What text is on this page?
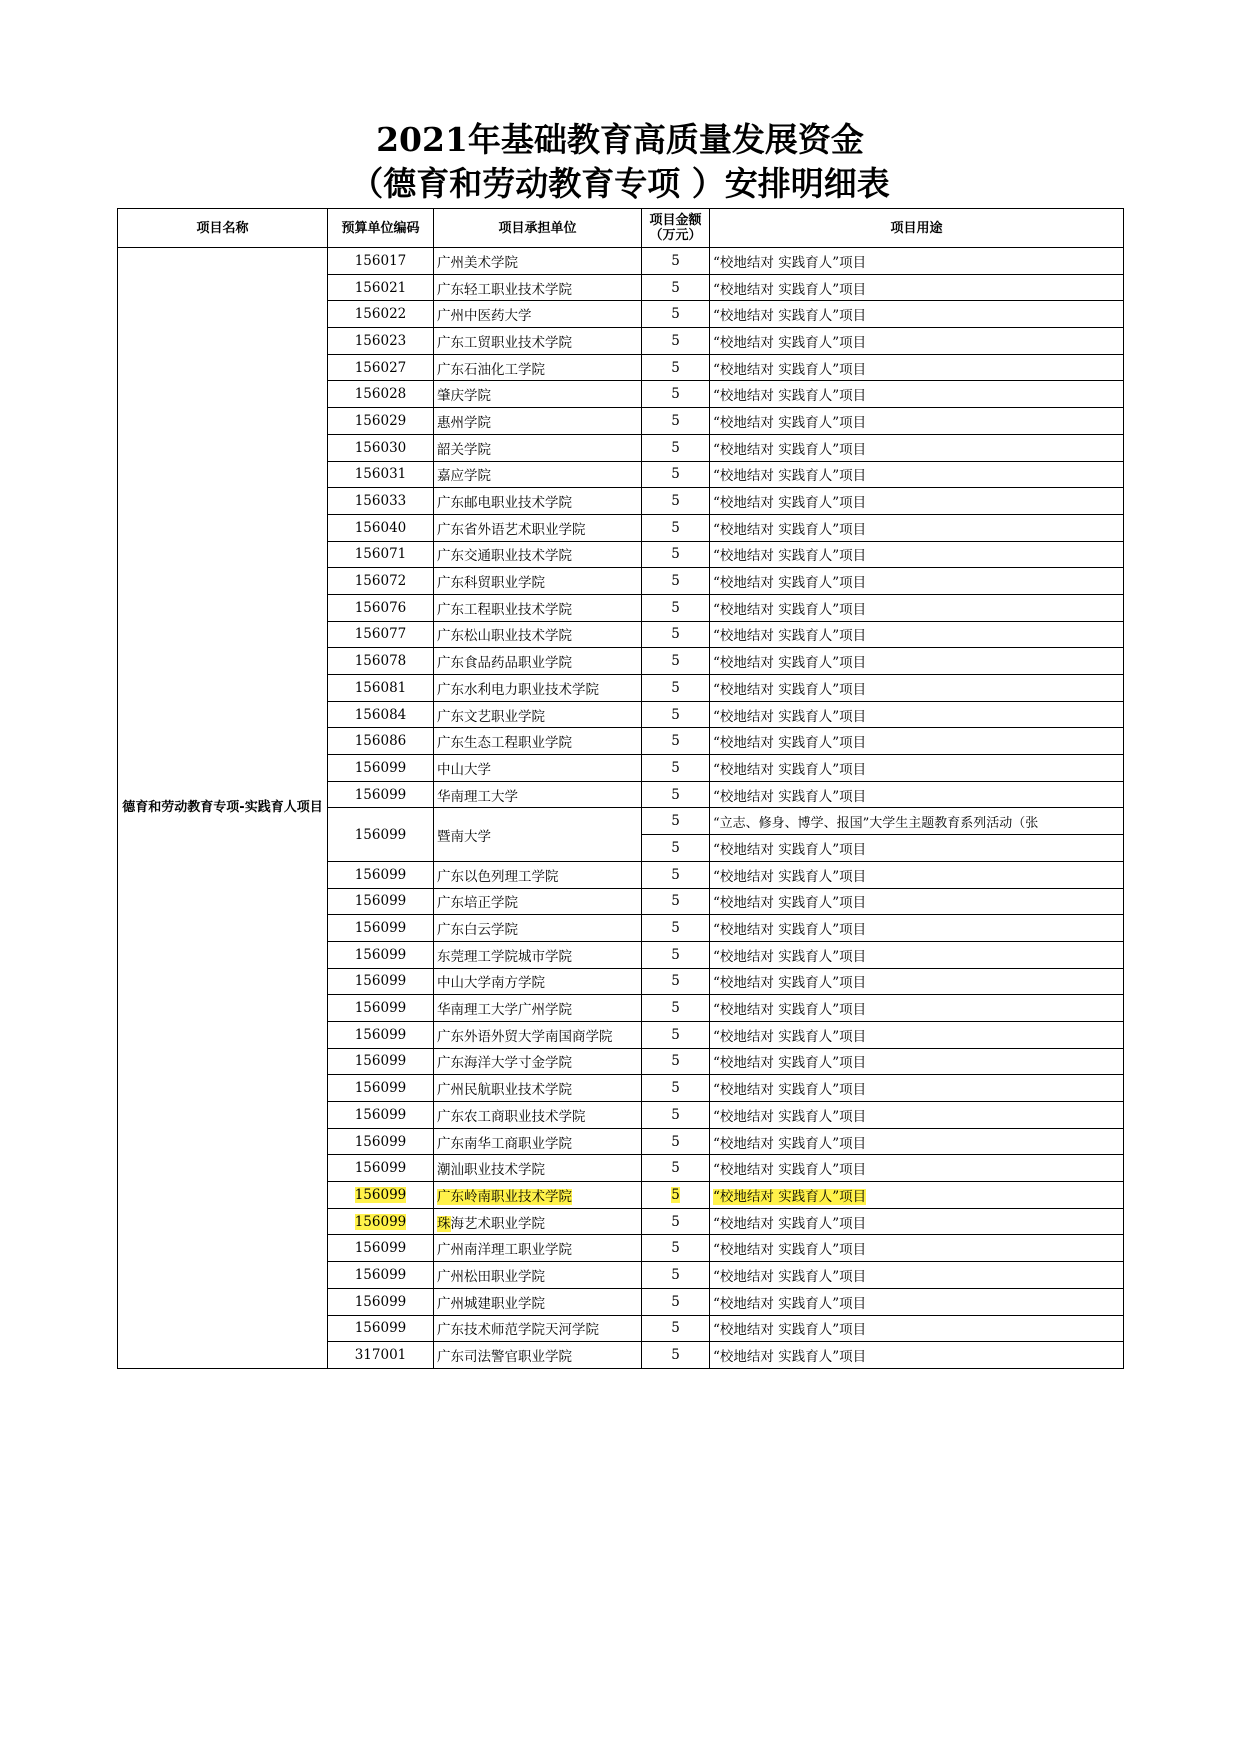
2021年基础教育高质量发展资金
（德育和劳动教育专项 ）安排明细表
项目名称	预算单位编码	项目承担单位	项目金额（万元）	项目用途
德育和劳动教育专项-实践育人项目	156017	广州美术学院	5	“校地结对 实践育人”项目
	156021	广东轻工职业技术学院	5	“校地结对 实践育人”项目
	156022	广州中医药大学	5	“校地结对 实践育人”项目
	156023	广东工贸职业技术学院	5	“校地结对 实践育人”项目
	156027	广东石油化工学院	5	“校地结对 实践育人”项目
	156028	肇庆学院	5	“校地结对 实践育人”项目
	156029	惠州学院	5	“校地结对 实践育人”项目
	156030	韶关学院	5	“校地结对 实践育人”项目
	156031	嘉应学院	5	“校地结对 实践育人”项目
	156033	广东邮电职业技术学院	5	“校地结对 实践育人”项目
	156040	广东省外语艺术职业学院	5	“校地结对 实践育人”项目
	156071	广东交通职业技术学院	5	“校地结对 实践育人”项目
	156072	广东科贸职业学院	5	“校地结对 实践育人”项目
	156076	广东工程职业技术学院	5	“校地结对 实践育人”项目
	156077	广东松山职业技术学院	5	“校地结对 实践育人”项目
	156078	广东食品药品职业学院	5	“校地结对 实践育人”项目
	156081	广东水利电力职业技术学院	5	“校地结对 实践育人”项目
	156084	广东文艺职业学院	5	“校地结对 实践育人”项目
	156086	广东生态工程职业学院	5	“校地结对 实践育人”项目
	156099	中山大学	5	“校地结对 实践育人”项目
	156099	华南理工大学	5	“校地结对 实践育人”项目
	156099	暨南大学	5	“立志、修身、博学、报国”大学生主题教育系列活动（张
			5	“校地结对 实践育人”项目
	156099	广东以色列理工学院	5	“校地结对 实践育人”项目
	156099	广东培正学院	5	“校地结对 实践育人”项目
	156099	广东白云学院	5	“校地结对 实践育人”项目
	156099	东莞理工学院城市学院	5	“校地结对 实践育人”项目
	156099	中山大学南方学院	5	“校地结对 实践育人”项目
	156099	华南理工大学广州学院	5	“校地结对 实践育人”项目
	156099	广东外语外贸大学南国商学院	5	“校地结对 实践育人”项目
	156099	广东海洋大学寸金学院	5	“校地结对 实践育人”项目
	156099	广州民航职业技术学院	5	“校地结对 实践育人”项目
	156099	广东农工商职业技术学院	5	“校地结对 实践育人”项目
	156099	广东南华工商职业学院	5	“校地结对 实践育人”项目
	156099	潮汕职业技术学院	5	“校地结对 实践育人”项目
	156099	广东岭南职业技术学院	5	“校地结对 实践育人”项目
	156099	珠海艺术职业学院	5	“校地结对 实践育人”项目
	156099	广州南洋理工职业学院	5	“校地结对 实践育人”项目
	156099	广州松田职业学院	5	“校地结对 实践育人”项目
	156099	广州城建职业学院	5	“校地结对 实践育人”项目
	156099	广东技术师范学院天河学院	5	“校地结对 实践育人”项目
	317001	广东司法警官职业学院	5	“校地结对 实践育人”项目
